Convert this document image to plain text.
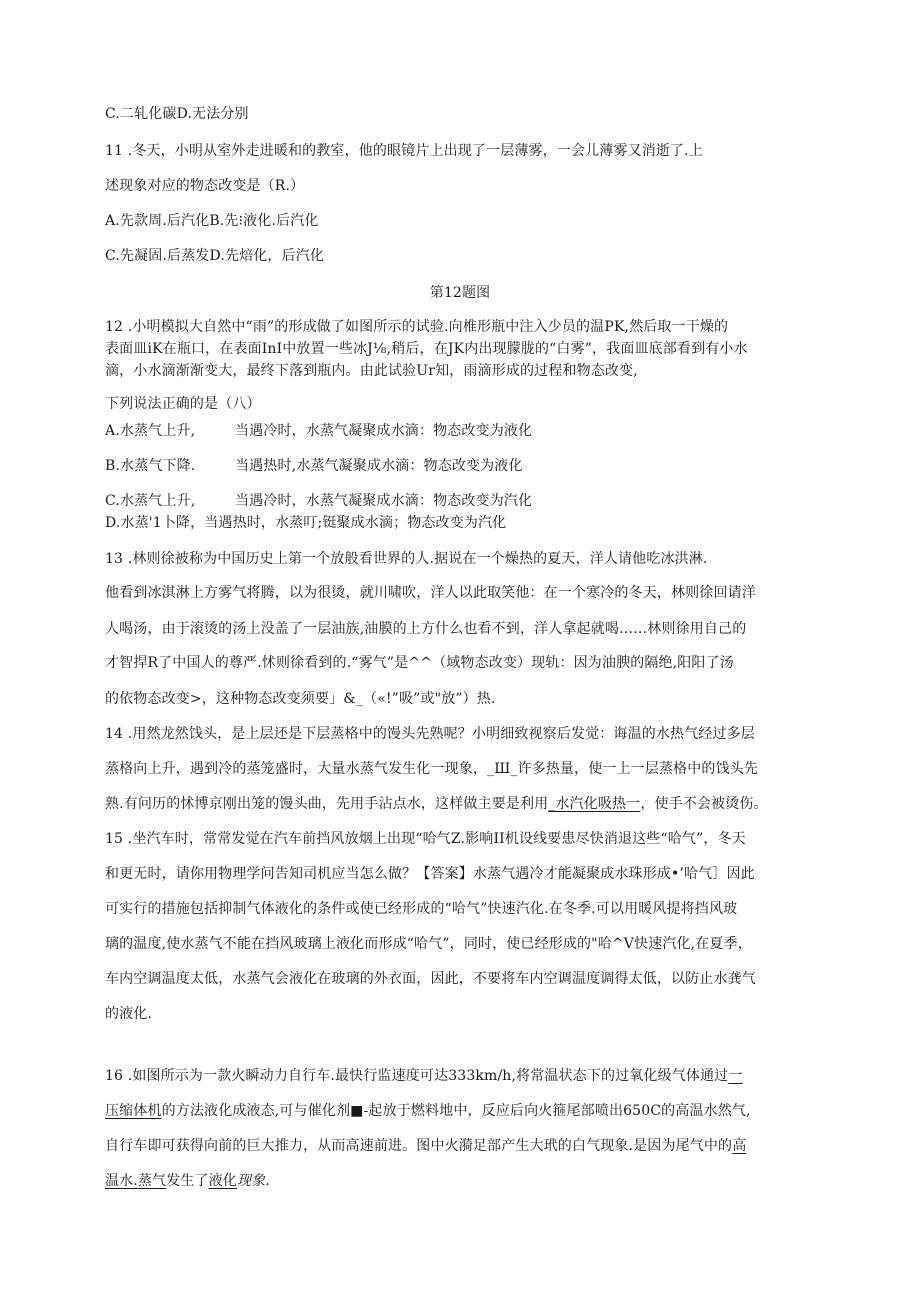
C.二轧化碳D.无法分别
11 .冬天，小明从室外走进暖和的教室，他的眼镜片上出现了一层薄雾，一会儿薄雾又消逝了.上
述现象对应的物态改变是（R.）
A.先款周.后汽化B.先⁝液化.后汽化
C.先凝固.后蒸发D.先焙化，后汽化
第12题图
12 .小明模拟大自然中“雨”的形成做了如图所示的试验.向椎形瓶中注入少员的温PK,然后取一干燥的
表面皿iK在瓶口，在表面InI中放置一些冰J⅛,稍后，在JK内出现朦胧的“白雾”，我面皿底部看到有小水
滴，小水滴渐渐变大，最终下落到瓶内。由此试验Ur知，雨滴形成的过程和物态改变,
下列说法正确的是（八）
A.水蒸气上升,	当遇冷时，水蒸气凝聚成水滴：物态改变为液化
B.水蒸气下降.	当遇热时,水蒸气凝聚成水滴：物态改变为液化
C.水蒸气上升,	当遇冷时，水蒸气凝聚成水滴：物态改变为汽化
D.水蒸'1卜降，当遇热时，水蒸叮;铤聚成水滴；物态改变为汽化
13 .林则徐被称为中国历史上第一个放般看世界的人.据说在一个燥热的夏天，洋人请他吃冰洪淋.
他看到冰淇淋上方雾气将腾，以为很烫，就川啸吹，洋人以此取笑他：在一个寒冷的冬天，林则徐回请洋
人喝汤，由于滚烫的汤上没盖了一层油族,油膜的上方什么也看不到，洋人拿起就喝……林则徐用自己的
才智捍R了中国人的尊严.怵则徐看到的.“雾气”是^^（域物态改变）现轨：因为油腴的隔绝,阳阳了汤
的依物态改变>，这种物态改变须要」&_（«!”吸”或"放”）热.
14 .用然龙然饯头，是上层还是下层蒸格中的馒头先熟呢？小明细致视察后发觉：诲温的水热气经过多层
蒸格向上升，遇到冷的蒸笼盛时，大量水蒸气发生化一现象，_Ш_许多热量，使一上一层蒸格中的饯头先
熟.有问历的怵博京刚出笼的馒头曲，先用手沾点水，这样做主要是利用_水汽化吸热一，使手不会被烫伤。
15 .坐汽车时，常常发觉在汽车前挡风放烟上出现“哈气Z.影响II机设线要患尽快消退这些“哈气”，冬天
和更无时，请你用物理学问告知司机应当怎么做？【答案】水蒸气遇冷才能凝聚成水珠形成•’哈气］因此
可实行的措施包括抑制气体液化的条件或使已经形成的“哈气”快速汽化.在冬季.可以用暖风提将挡风玻
璃的温度,使水蒸气不能在挡风玻璃上液化而形成“哈气”，同时，使已经形成的"哈^V快速汽化,在夏季，
车内空调温度太低，水蒸气会液化在玻璃的外衣面，因此，不要将车内空调温度调得太低，以防止水龚气
的液化.
16 .如图所示为一款火瞬动力自行车.最快行监速度可达333km/h,将常温状态下的过氧化级气体通过一
压缩体机的方法液化成液态,可与催化剂■-起放于燃料地中，反应后向火箍尾部喷出650C的高温水然气,
自行车即可获得向前的巨大推力，从而高速前进。图中火漪足部产生大玳的白气现象.是因为尾气中的高
温水.蒸气发生了液化现象.
